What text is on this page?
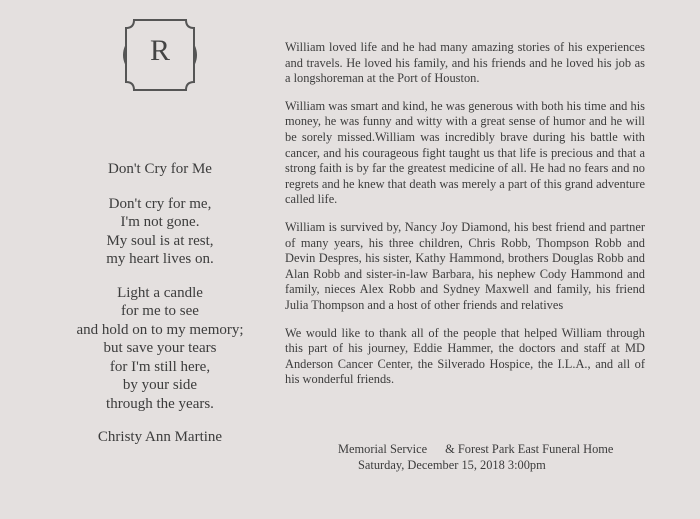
R
Don't Cry for Me
Don't cry for me,
I'm not gone.
My soul is at rest,
my heart lives on.
Light a candle
for me to see
and hold on to my memory;
but save your tears
for I'm still here,
by your side
through the years.
Christy Ann Martine

William loved life and he had many amazing stories of his experiences and travels. He loved his family, and his friends and he loved his job as a longshoreman at the Port of Houston.

William was smart and kind, he was generous with both his time and his money, he was funny and witty with a great sense of humor and he will be sorely missed.William was incredibly brave during his battle with cancer, and his courageous fight taught us that life is precious and that a strong faith is by far the greatest medicine of all. He had no fears and no regrets and he knew that death was merely a part of this grand adventure called life.

William is survived by, Nancy Joy Diamond, his best friend and partner of many years, his three children, Chris Robb, Thompson Robb and Devin Despres, his sister, Kathy Hammond, brothers Douglas Robb and Alan Robb and sister-in-law Barbara, his nephew Cody Hammond and family, nieces Alex Robb and Sydney Maxwell and family, his friend Julia Thompson and a host of other friends and relatives

We would like to thank all of the people that helped William through this part of his journey, Eddie Hammer, the doctors and staff at MD Anderson Cancer Center, the Silverado Hospice, the I.L.A., and all of his wonderful friends.

Memorial Service & Forest Park East Funeral Home
Saturday, December 15, 2018 3:00pm
